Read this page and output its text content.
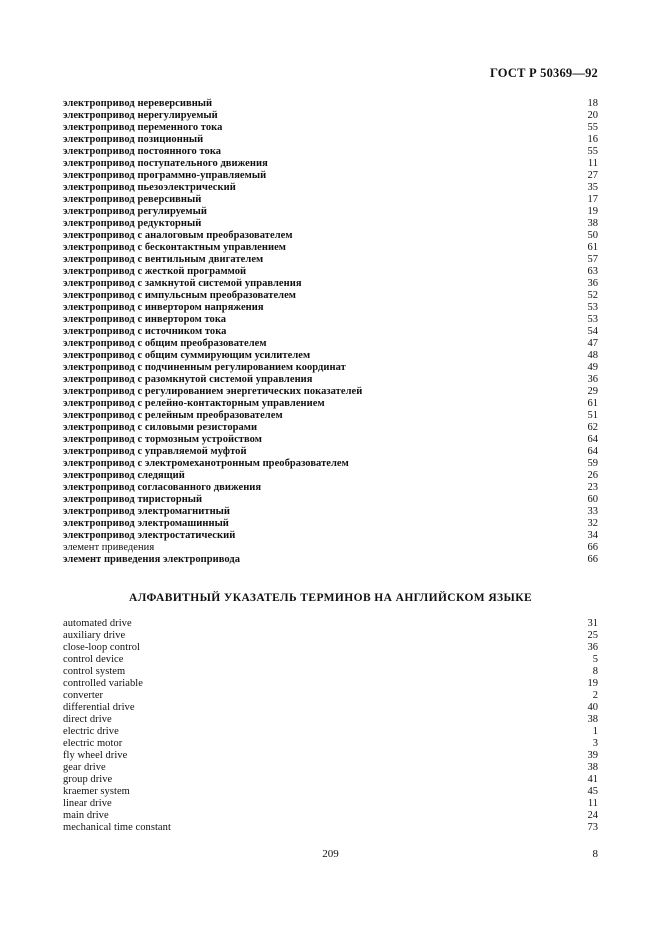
ГОСТ Р 50369—92
электропривод нереверсивный	18
электропривод нерегулируемый	20
электропривод переменного тока	55
электропривод позиционный	16
электропривод постоянного тока	55
электропривод поступательного движения	11
электропривод программно-управляемый	27
электропривод пьезоэлектрический	35
электропривод реверсивный	17
электропривод регулируемый	19
электропривод редукторный	38
электропривод с аналоговым преобразователем	50
электропривод с бесконтактным управлением	61
электропривод с вентильным двигателем	57
электропривод с жесткой программой	63
электропривод с замкнутой системой управления	36
электропривод с импульсным преобразователем	52
электропривод с инвертором напряжения	53
электропривод с инвертором тока	53
электропривод с источником тока	54
электропривод с общим преобразователем	47
электропривод с общим суммирующим усилителем	48
электропривод с подчиненным регулированием координат	49
электропривод с разомкнутой системой управления	36
электропривод с регулированием энергетических показателей	29
электропривод с релейно-контакторным управлением	61
электропривод с релейным преобразователем	51
электропривод с силовыми резисторами	62
электропривод с тормозным устройством	64
электропривод с управляемой муфтой	64
электропривод с электромеханотронным преобразователем	59
электропривод следящий	26
электропривод согласованного движения	23
электропривод тиристорный	60
электропривод электромагнитный	33
электропривод электромашинный	32
электропривод электростатический	34
элемент приведения	66
элемент приведения электропривода	66
АЛФАВИТНЫЙ УКАЗАТЕЛЬ ТЕРМИНОВ НА АНГЛИЙСКОМ ЯЗЫКЕ
automated drive	31
auxiliary drive	25
close-loop control	36
control device	5
control system	8
controlled variable	19
converter	2
differential drive	40
direct drive	38
electric drive	1
electric motor	3
fly wheel drive	39
gear drive	38
group drive	41
kraemer system	45
linear drive	11
main drive	24
mechanical time constant	73
209	8
